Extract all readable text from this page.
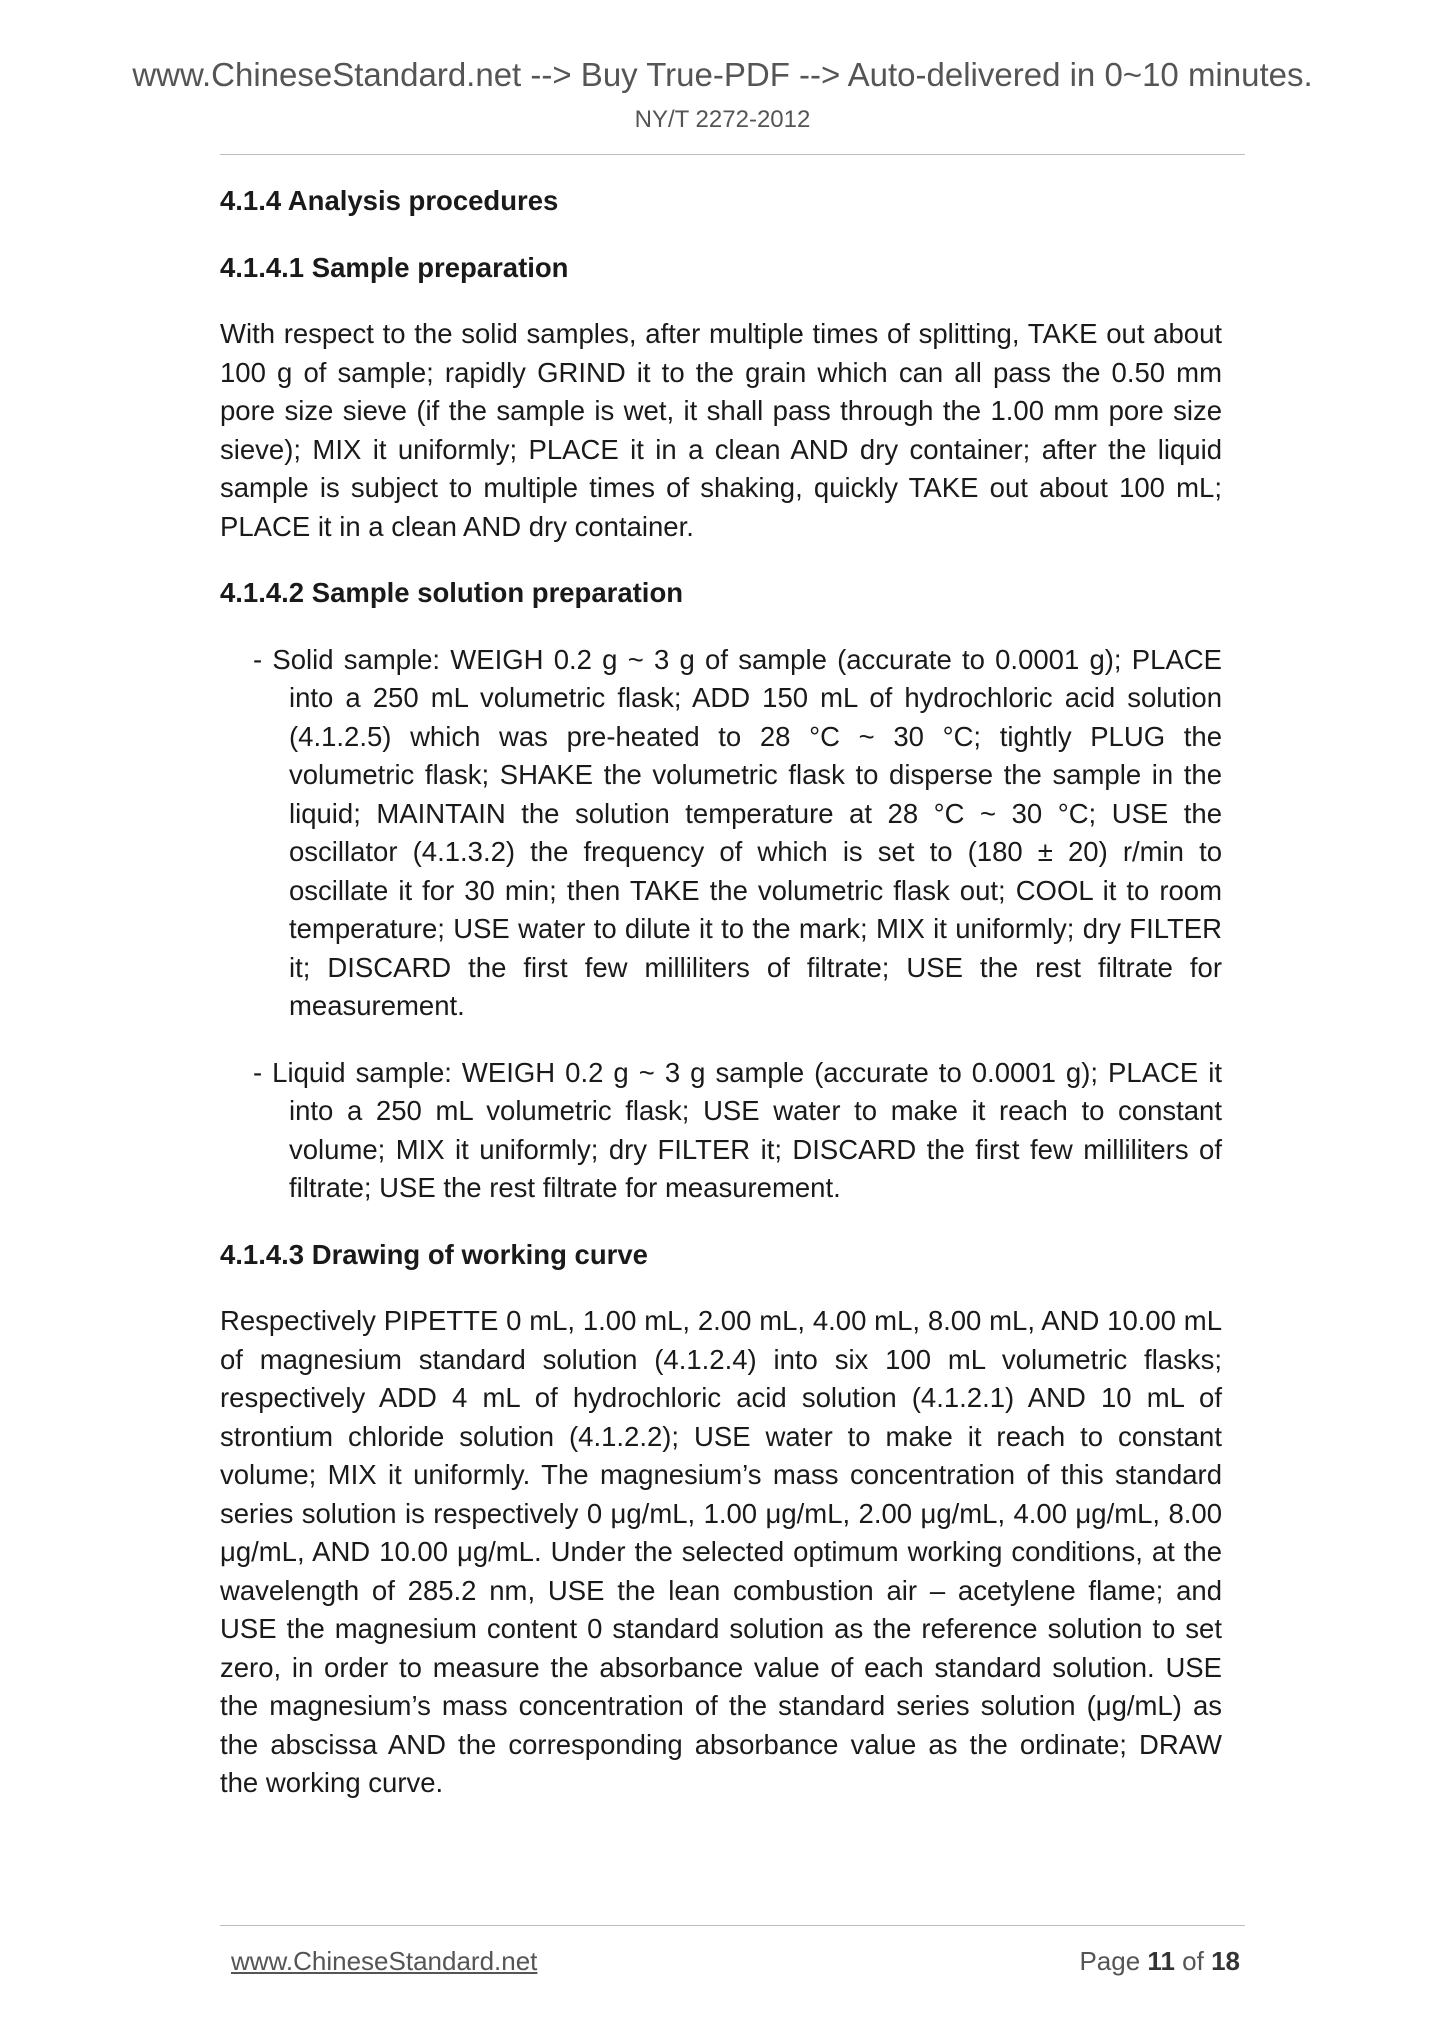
www.ChineseStandard.net --> Buy True-PDF --> Auto-delivered in 0~10 minutes.
NY/T 2272-2012
4.1.4 Analysis procedures
4.1.4.1 Sample preparation

With respect to the solid samples, after multiple times of splitting, TAKE out about 100 g of sample; rapidly GRIND it to the grain which can all pass the 0.50 mm pore size sieve (if the sample is wet, it shall pass through the 1.00 mm pore size sieve); MIX it uniformly; PLACE it in a clean AND dry container; after the liquid sample is subject to multiple times of shaking, quickly TAKE out about 100 mL; PLACE it in a clean AND dry container.

4.1.4.2 Sample solution preparation

- Solid sample: WEIGH 0.2 g ~ 3 g of sample (accurate to 0.0001 g); PLACE into a 250 mL volumetric flask; ADD 150 mL of hydrochloric acid solution (4.1.2.5) which was pre-heated to 28 °C ~ 30 °C; tightly PLUG the volumetric flask; SHAKE the volumetric flask to disperse the sample in the liquid; MAINTAIN the solution temperature at 28 °C ~ 30 °C; USE the oscillator (4.1.3.2) the frequency of which is set to (180 ± 20) r/min to oscillate it for 30 min; then TAKE the volumetric flask out; COOL it to room temperature; USE water to dilute it to the mark; MIX it uniformly; dry FILTER it; DISCARD the first few milliliters of filtrate; USE the rest filtrate for measurement.

- Liquid sample: WEIGH 0.2 g ~ 3 g sample (accurate to 0.0001 g); PLACE it into a 250 mL volumetric flask; USE water to make it reach to constant volume; MIX it uniformly; dry FILTER it; DISCARD the first few milliliters of filtrate; USE the rest filtrate for measurement.

4.1.4.3 Drawing of working curve

Respectively PIPETTE 0 mL, 1.00 mL, 2.00 mL, 4.00 mL, 8.00 mL, AND 10.00 mL of magnesium standard solution (4.1.2.4) into six 100 mL volumetric flasks; respectively ADD 4 mL of hydrochloric acid solution (4.1.2.1) AND 10 mL of strontium chloride solution (4.1.2.2); USE water to make it reach to constant volume; MIX it uniformly. The magnesium’s mass concentration of this standard series solution is respectively 0 μg/mL, 1.00 μg/mL, 2.00 μg/mL, 4.00 μg/mL, 8.00 μg/mL, AND 10.00 μg/mL. Under the selected optimum working conditions, at the wavelength of 285.2 nm, USE the lean combustion air – acetylene flame; and USE the magnesium content 0 standard solution as the reference solution to set zero, in order to measure the absorbance value of each standard solution. USE the magnesium’s mass concentration of the standard series solution (μg/mL) as the abscissa AND the corresponding absorbance value as the ordinate; DRAW the working curve.

www.ChineseStandard.net	Page 11 of 18
